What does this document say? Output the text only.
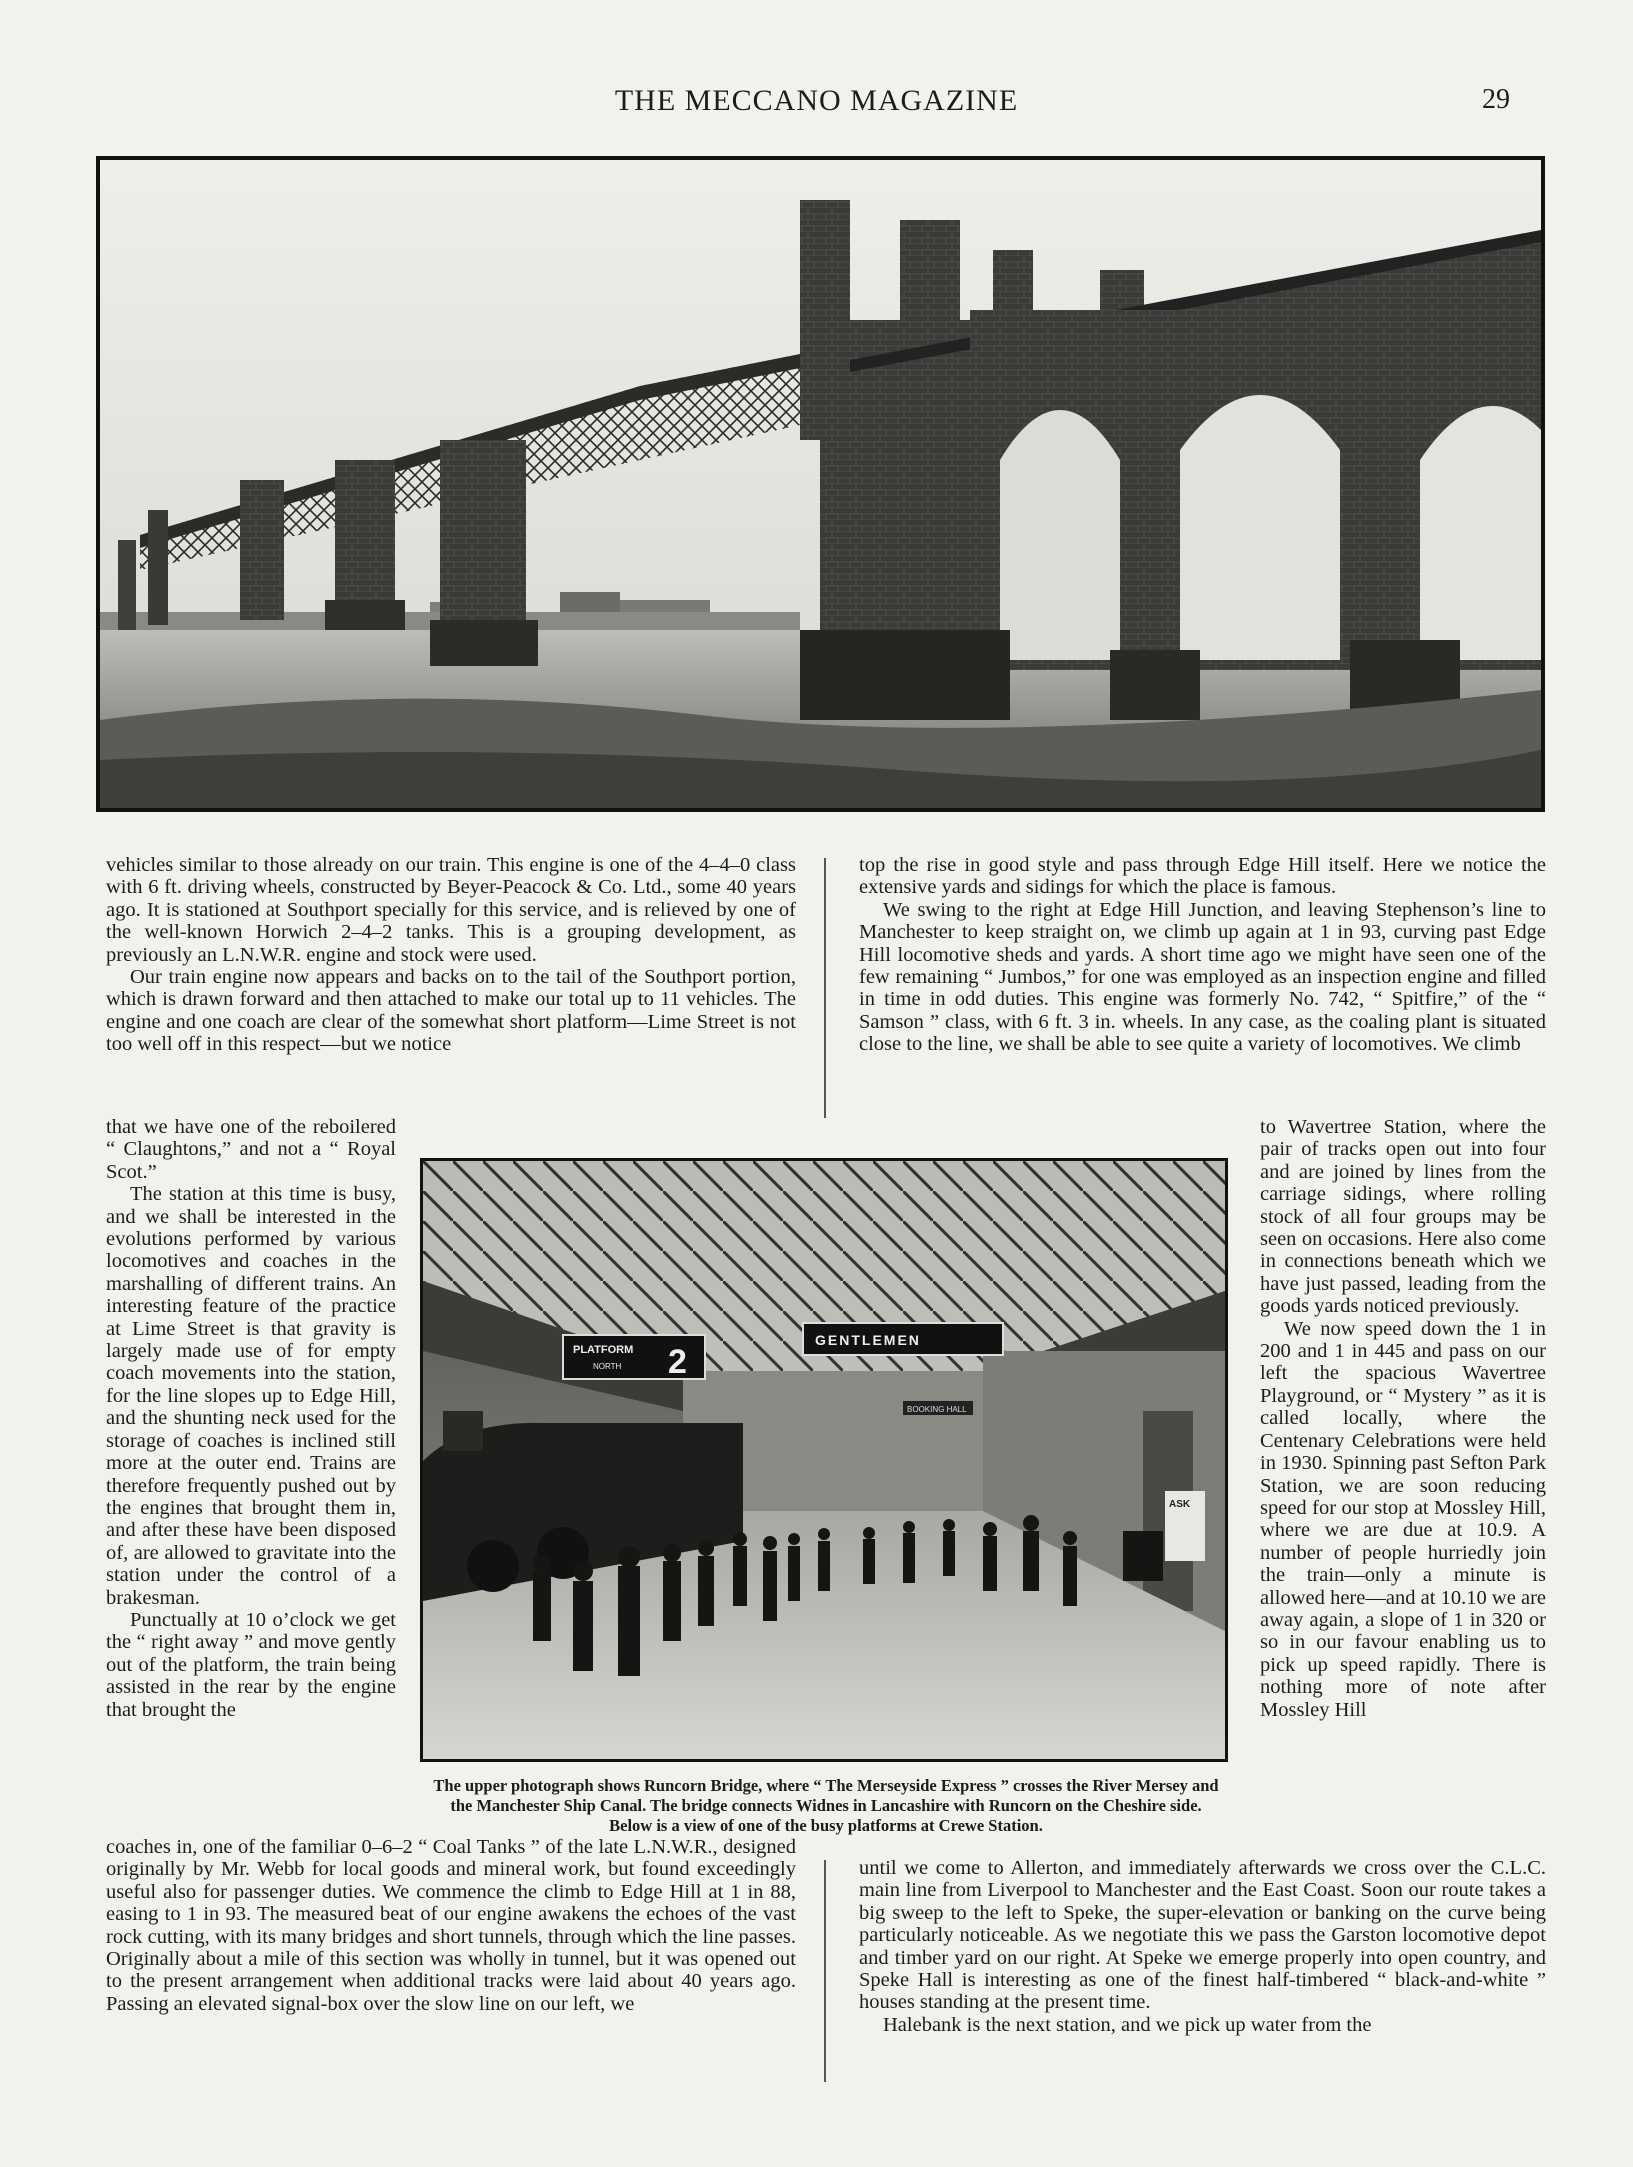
THE MECCANO MAGAZINE	29

vehicles similar to those already on our train. This engine is one of the 4–4–0 class with 6 ft. driving wheels, constructed by Beyer-Peacock & Co. Ltd., some 40 years ago. It is stationed at Southport specially for this service, and is relieved by one of the well-known Horwich 2–4–2 tanks. This is a grouping development, as previously an L.N.W.R. engine and stock were used.

Our train engine now appears and backs on to the tail of the Southport portion, which is drawn forward and then attached to make our total up to 11 vehicles. The engine and one coach are clear of the somewhat short platform—Lime Street is not too well off in this respect—but we notice

that we have one of the reboilered “ Claughtons,” and not a “ Royal Scot.”

The station at this time is busy, and we shall be interested in the evolutions performed by various locomotives and coaches in the marshalling of different trains. An interesting feature of the practice at Lime Street is that gravity is largely made use of for empty coach movements into the station, for the line slopes up to Edge Hill, and the shunting neck used for the storage of coaches is inclined still more at the outer end. Trains are therefore frequently pushed out by the engines that brought them in, and after these have been disposed of, are allowed to gravitate into the station under the control of a brakesman.

Punctually at 10 o’clock we get the “ right away ” and move gently out of the platform, the train being assisted in the rear by the engine that brought the

coaches in, one of the familiar 0–6–2 “ Coal Tanks ” of the late L.N.W.R., designed originally by Mr. Webb for local goods and mineral work, but found exceedingly useful also for passenger duties. We commence the climb to Edge Hill at 1 in 88, easing to 1 in 93. The measured beat of our engine awakens the echoes of the vast rock cutting, with its many bridges and short tunnels, through which the line passes. Originally about a mile of this section was wholly in tunnel, but it was opened out to the present arrangement when additional tracks were laid about 40 years ago. Passing an elevated signal-box over the slow line on our left, we

top the rise in good style and pass through Edge Hill itself. Here we notice the extensive yards and sidings for which the place is famous.

We swing to the right at Edge Hill Junction, and leaving Stephenson’s line to Manchester to keep straight on, we climb up again at 1 in 93, curving past Edge Hill locomotive sheds and yards. A short time ago we might have seen one of the few remaining “ Jumbos,” for one was employed as an inspection engine and filled in time in odd duties. This engine was formerly No. 742, “ Spitfire,” of the “ Samson ” class, with 6 ft. 3 in. wheels. In any case, as the coaling plant is situated close to the line, we shall be able to see quite a variety of locomotives. We climb

to Wavertree Station, where the pair of tracks open out into four and are joined by lines from the carriage sidings, where rolling stock of all four groups may be seen on occasions. Here also come in connections beneath which we have just passed, leading from the goods yards noticed previously.

We now speed down the 1 in 200 and 1 in 445 and pass on our left the spacious Wavertree Playground, or “ Mystery ” as it is called locally, where the Centenary Celebrations were held in 1930. Spinning past Sefton Park Station, we are soon reducing speed for our stop at Mossley Hill, where we are due at 10.9. A number of people hurriedly join the train—only a minute is allowed here—and at 10.10 we are away again, a slope of 1 in 320 or so in our favour enabling us to pick up speed rapidly. There is nothing more of note after Mossley Hill

until we come to Allerton, and immediately afterwards we cross over the C.L.C. main line from Liverpool to Manchester and the East Coast. Soon our route takes a big sweep to the left to Speke, the super-elevation or banking on the curve being particularly noticeable. As we negotiate this we pass the Garston locomotive depot and timber yard on our right. At Speke we emerge properly into open country, and Speke Hall is interesting as one of the finest half-timbered “ black-and-white ” houses standing at the present time.

Halebank is the next station, and we pick up water from the

PLATFORM
NORTH 2
GENTLEMEN
BOOKING HALL
ASK
The upper photograph shows Runcorn Bridge, where “ The Merseyside Express ” crosses the River Mersey and the Manchester Ship Canal. The bridge connects Widnes in Lancashire with Runcorn on the Cheshire side. Below is a view of one of the busy platforms at Crewe Station.
